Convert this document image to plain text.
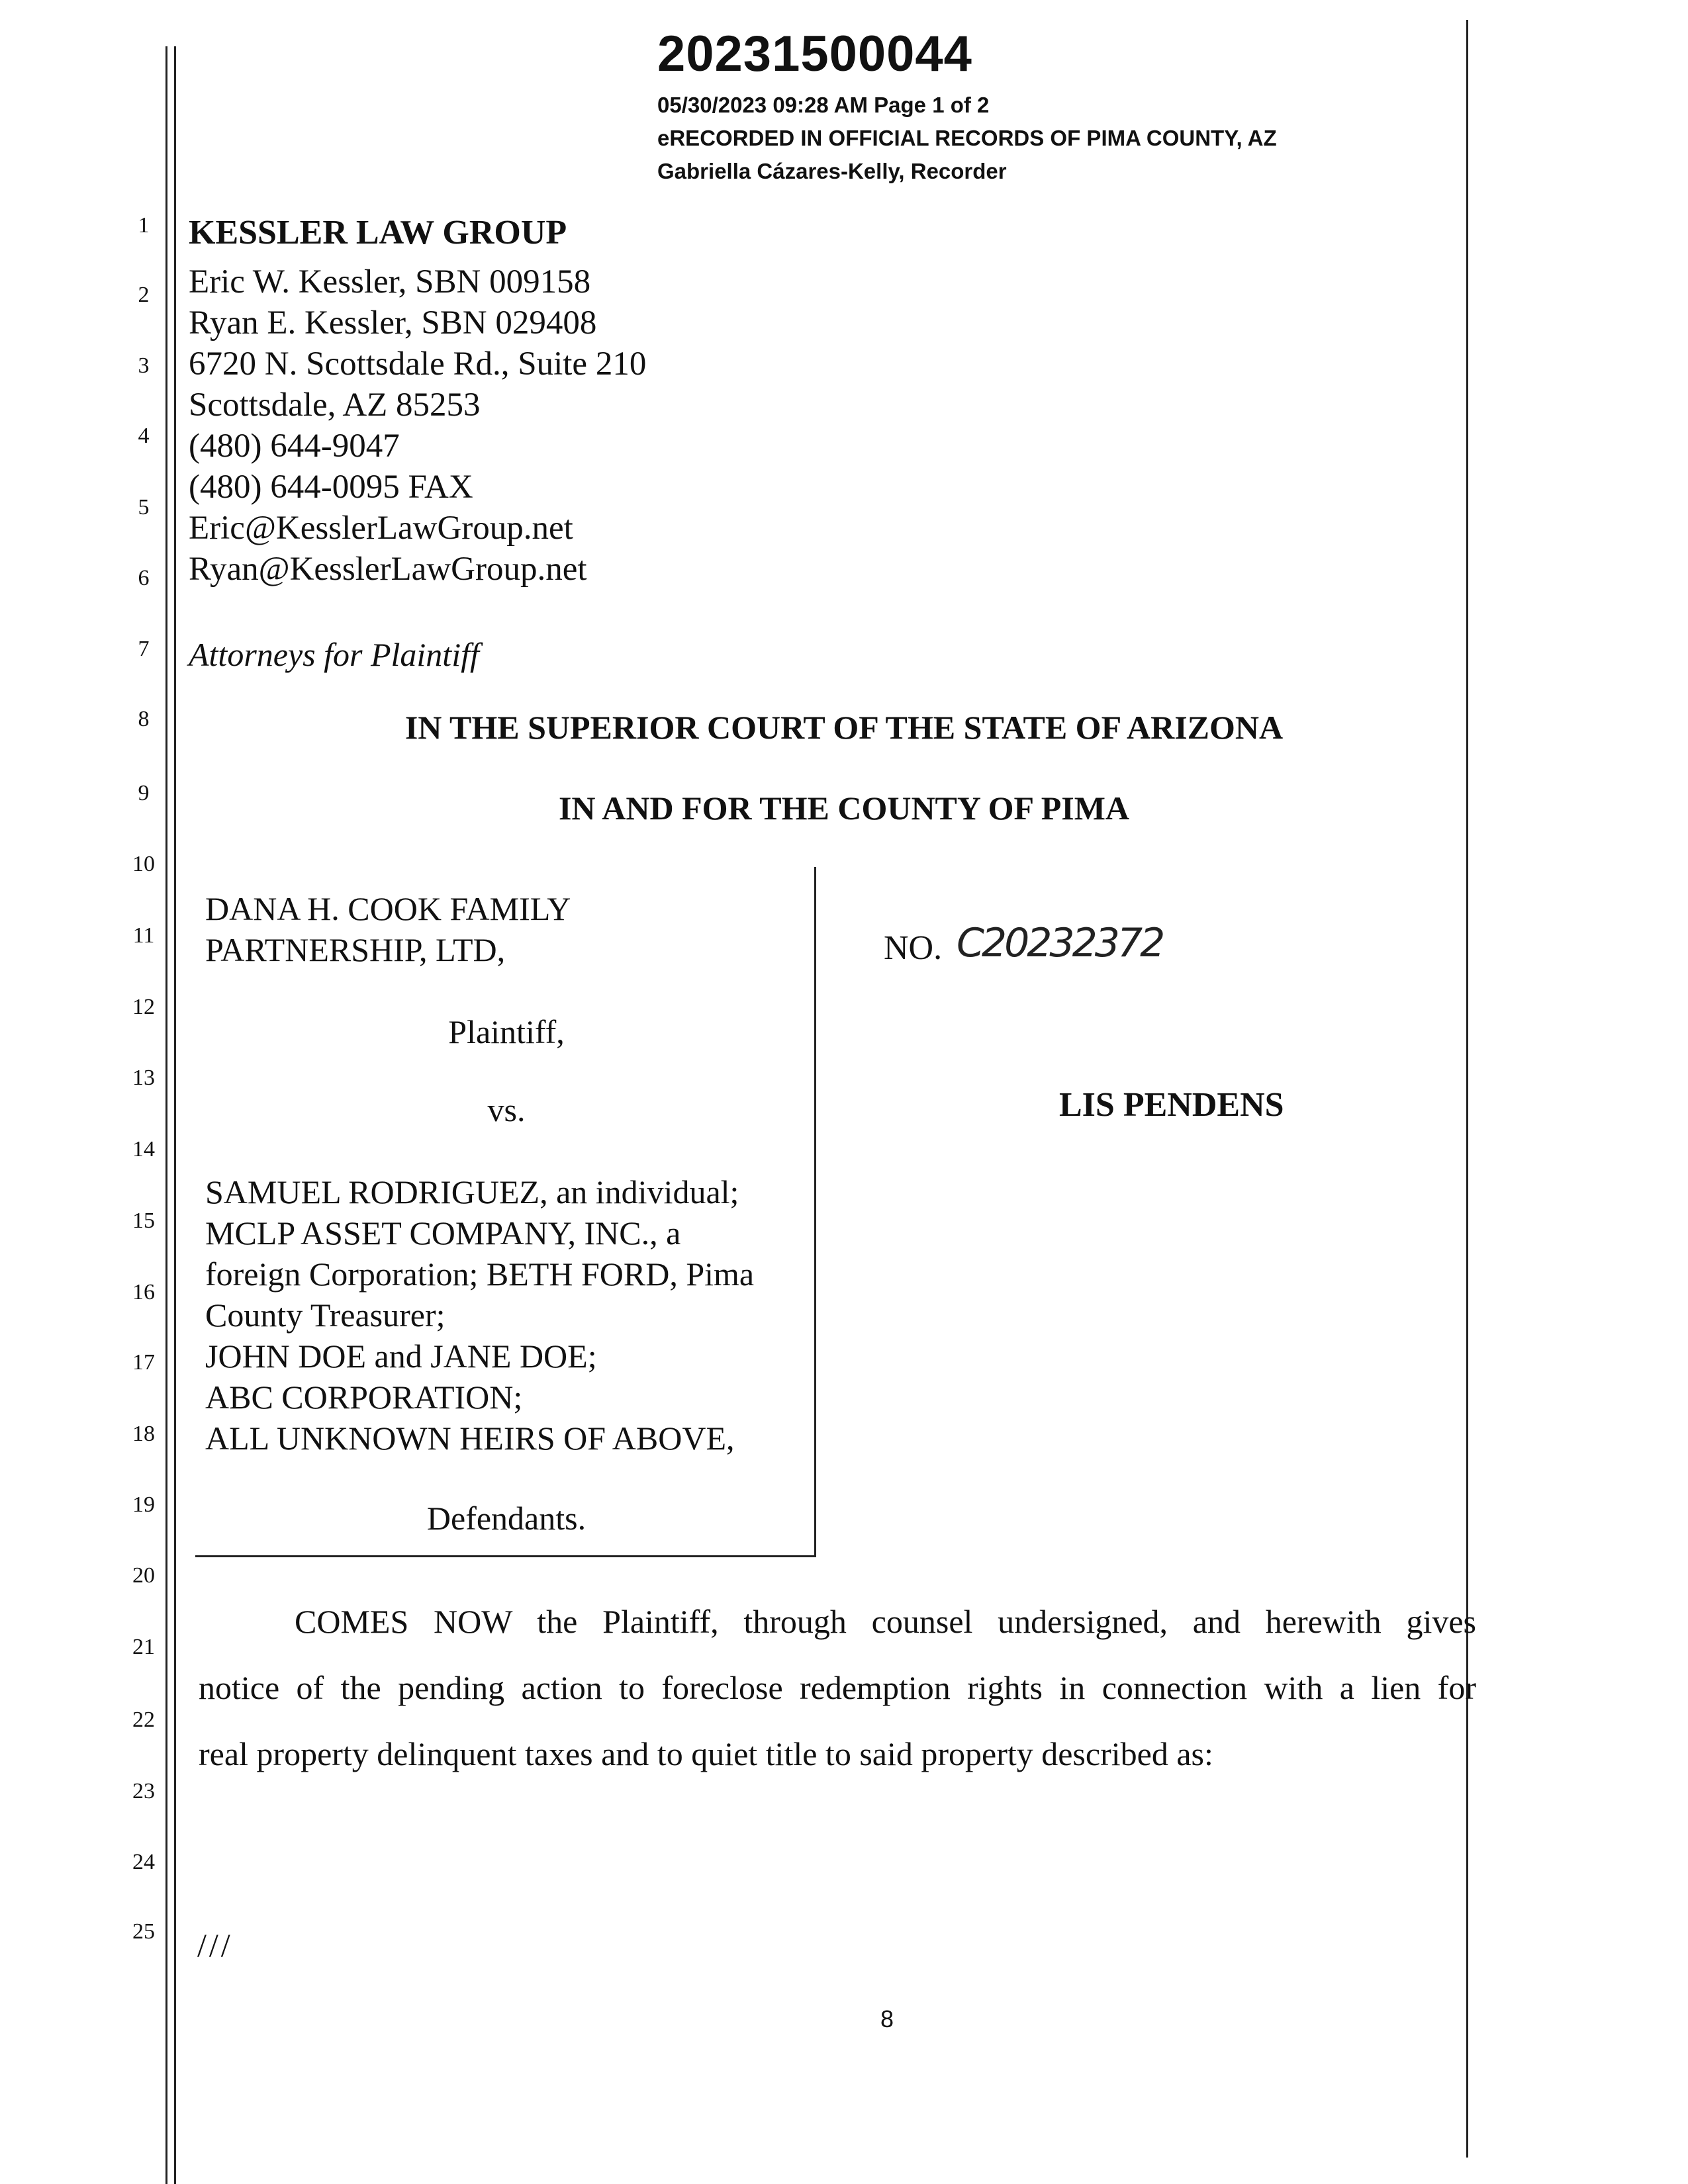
20231500044
05/30/2023 09:28 AM Page 1 of 2
eRECORDED IN OFFICIAL RECORDS OF PIMA COUNTY, AZ
Gabriella Cázares-Kelly, Recorder
1
2
3
4
5
6
7
8
9
10
11
12
13
14
15
16
17
18
19
20
21
22
23
24
25
KESSLER LAW GROUP
Eric W. Kessler, SBN 009158
Ryan E. Kessler, SBN 029408
6720 N. Scottsdale Rd., Suite 210
Scottsdale, AZ 85253
(480) 644-9047
(480) 644-0095 FAX
Eric@KesslerLawGroup.net
Ryan@KesslerLawGroup.net
Attorneys for Plaintiff
IN THE SUPERIOR COURT OF THE STATE OF ARIZONA
IN AND FOR THE COUNTY OF PIMA
DANA H. COOK FAMILY
PARTNERSHIP, LTD,
Plaintiff,
vs.
SAMUEL RODRIGUEZ, an individual;
MCLP ASSET COMPANY, INC., a
foreign Corporation; BETH FORD, Pima
County Treasurer;
JOHN DOE and JANE DOE;
ABC CORPORATION;
ALL UNKNOWN HEIRS OF ABOVE,
Defendants.
NO. C20232372
LIS PENDENS
COMES NOW the Plaintiff, through counsel undersigned, and herewith gives
notice of the pending action to foreclose redemption rights in connection with a lien for
real property delinquent taxes and to quiet title to said property described as:
///
8
